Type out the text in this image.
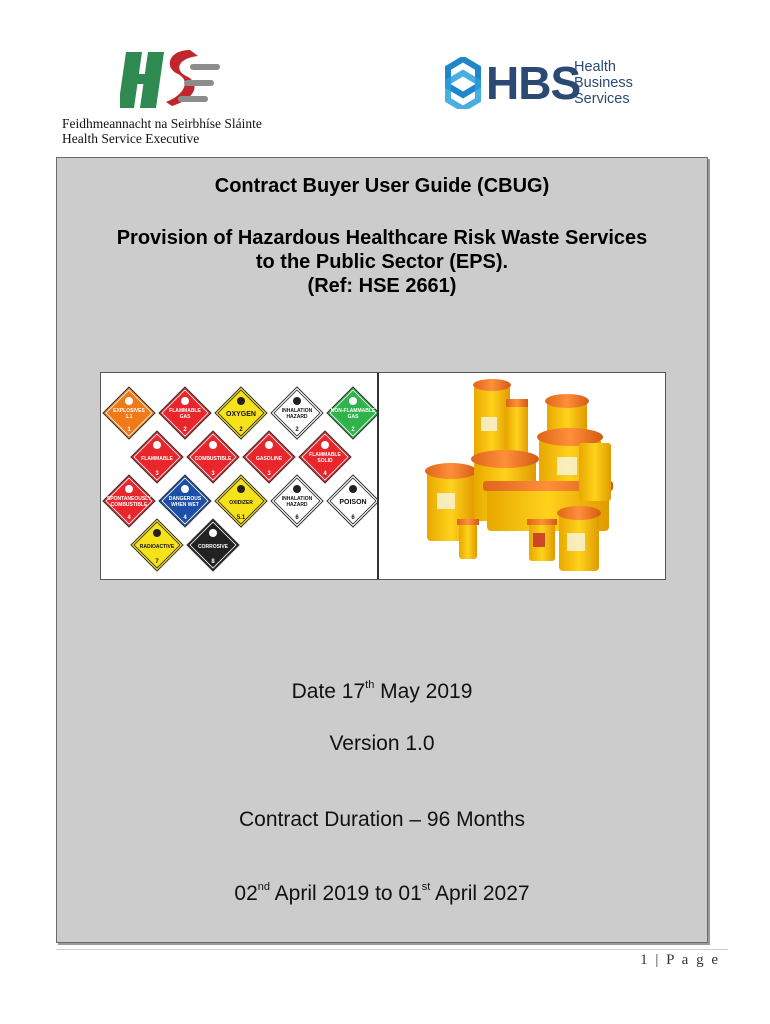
Feidhmeannacht na Seirbhíse Sláinte
Health Service Executive
HBS
Health
Business
Services
Contract Buyer User Guide (CBUG)
Provision of Hazardous Healthcare Risk Waste Services
to the Public Sector (EPS).
(Ref: HSE 2661)
EXPLOSIVES
1.1
1
FLAMMABLE
GAS
2
OXYGEN
2
INHALATION
HAZARD
2
NON-FLAMMABLE
GAS
2
FLAMMABLE
3
COMBUSTIBLE
3
GASOLINE
3
FLAMMABLE
SOLID
4
SPONTANEOUSLY
COMBUSTIBLE
4
DANGEROUS
WHEN WET
4
OXIDIZER
5.1
INHALATION
HAZARD
6
POISON
6
RADIOACTIVE
7
CORROSIVE
8
Date 17th May 2019
Version 1.0
Contract Duration – 96 Months
02nd April 2019 to 01st April 2027
1 | P a g e
